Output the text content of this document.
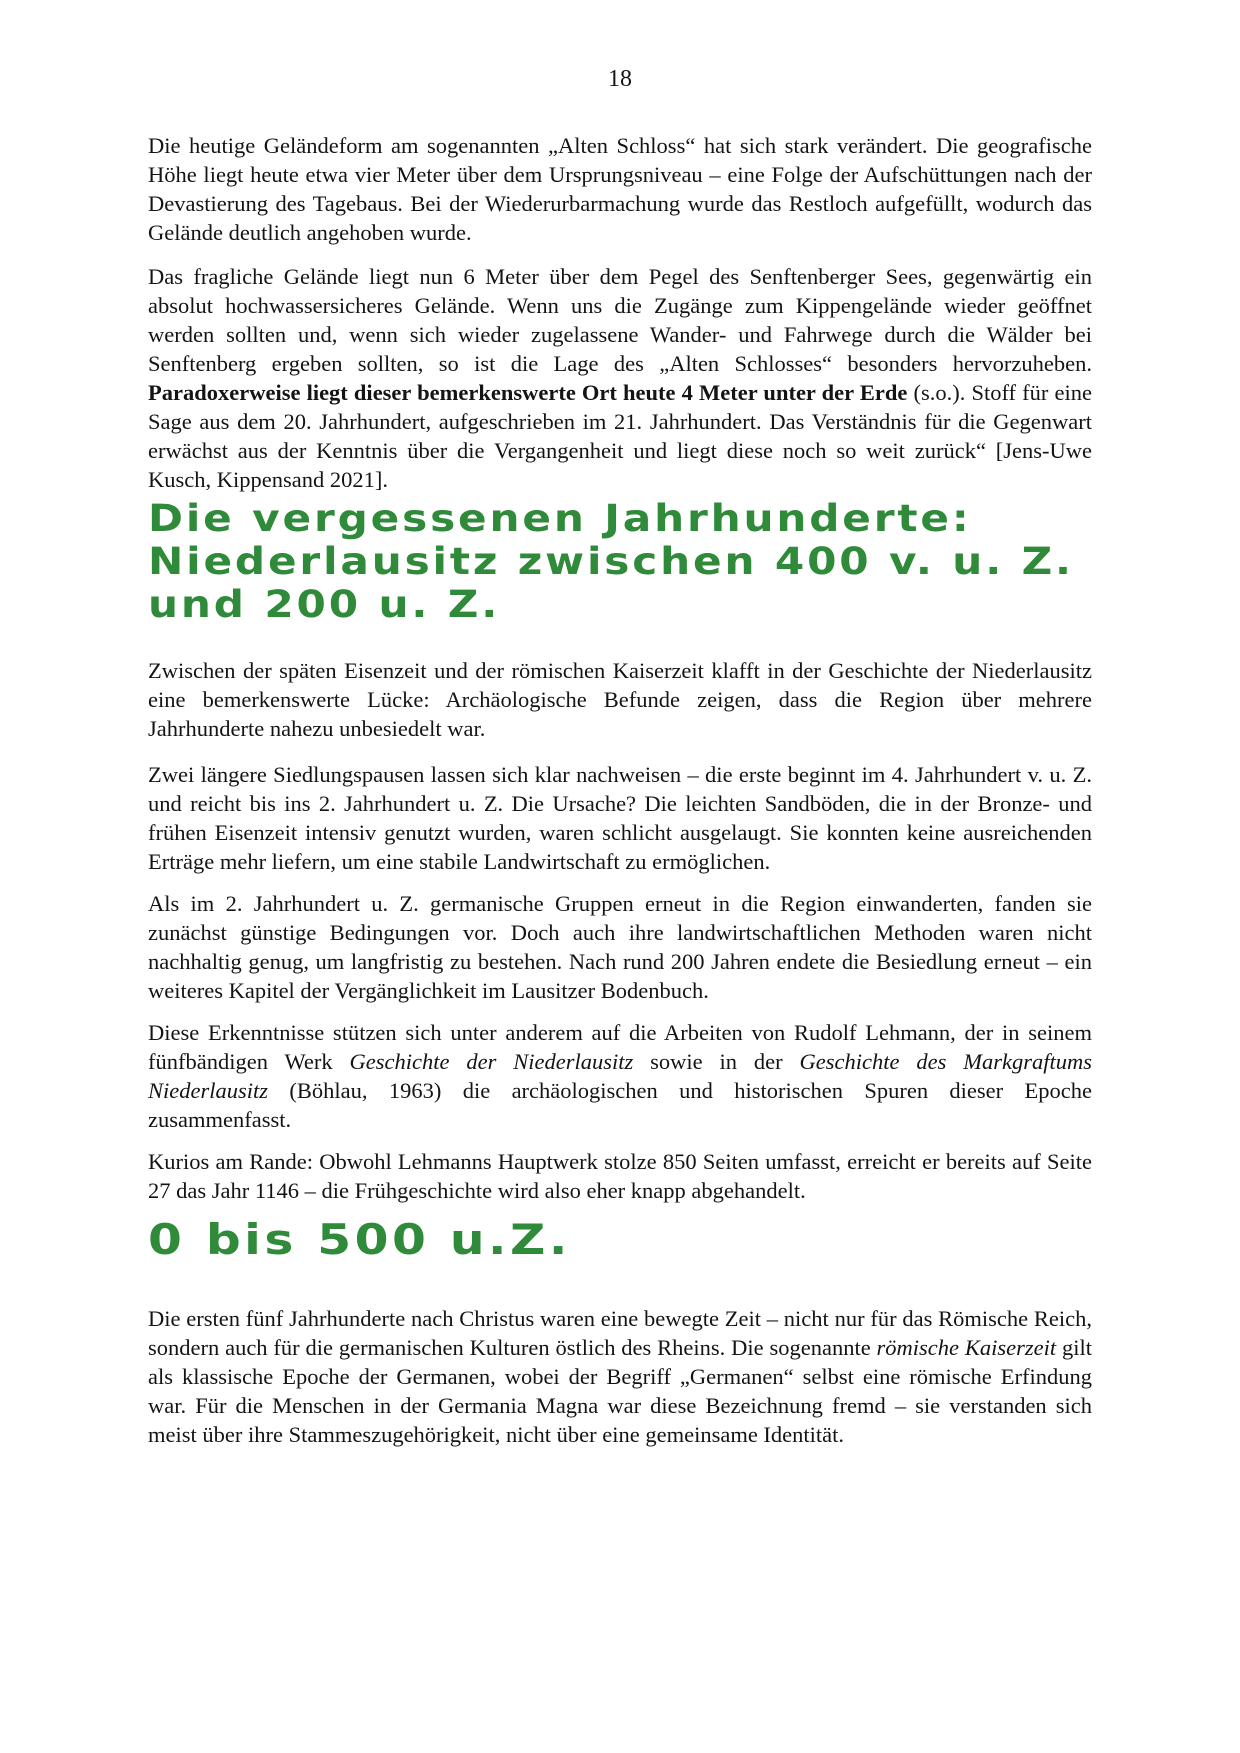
18

Die heutige Geländeform am sogenannten „Alten Schloss“ hat sich stark verändert. Die geografische Höhe liegt heute etwa vier Meter über dem Ursprungsniveau – eine Folge der Aufschüttungen nach der Devastierung des Tagebaus. Bei der Wiederurbarmachung wurde das Restloch aufgefüllt, wodurch das Gelände deutlich angehoben wurde.

Das fragliche Gelände liegt nun 6 Meter über dem Pegel des Senftenberger Sees, gegenwärtig ein absolut hochwassersicheres Gelände. Wenn uns die Zugänge zum Kippengelände wieder geöffnet werden sollten und, wenn sich wieder zugelassene Wander- und Fahrwege durch die Wälder bei Senftenberg ergeben sollten, so ist die Lage des „Alten Schlosses“ besonders hervorzuheben. Paradoxerweise liegt dieser bemerkenswerte Ort heute 4 Meter unter der Erde (s.o.). Stoff für eine Sage aus dem 20. Jahrhundert, aufgeschrieben im 21. Jahrhundert. Das Verständnis für die Gegenwart erwächst aus der Kenntnis über die Vergangenheit und liegt diese noch so weit zurück“ [Jens-Uwe Kusch, Kippensand 2021].

Die vergessenen Jahrhunderte:
Niederlausitz zwischen 400 v. u. Z.
und 200 u. Z.

Zwischen der späten Eisenzeit und der römischen Kaiserzeit klafft in der Geschichte der Niederlausitz eine bemerkenswerte Lücke: Archäologische Befunde zeigen, dass die Region über mehrere Jahrhunderte nahezu unbesiedelt war.

Zwei längere Siedlungspausen lassen sich klar nachweisen – die erste beginnt im 4. Jahrhundert v. u. Z. und reicht bis ins 2. Jahrhundert u. Z. Die Ursache? Die leichten Sandböden, die in der Bronze- und frühen Eisenzeit intensiv genutzt wurden, waren schlicht ausgelaugt. Sie konnten keine ausreichenden Erträge mehr liefern, um eine stabile Landwirtschaft zu ermöglichen.

Als im 2. Jahrhundert u. Z. germanische Gruppen erneut in die Region einwanderten, fanden sie zunächst günstige Bedingungen vor. Doch auch ihre landwirtschaftlichen Methoden waren nicht nachhaltig genug, um langfristig zu bestehen. Nach rund 200 Jahren endete die Besiedlung erneut – ein weiteres Kapitel der Vergänglichkeit im Lausitzer Bodenbuch.

Diese Erkenntnisse stützen sich unter anderem auf die Arbeiten von Rudolf Lehmann, der in seinem fünfbändigen Werk Geschichte der Niederlausitz sowie in der Geschichte des Markgraftums Niederlausitz (Böhlau, 1963) die archäologischen und historischen Spuren dieser Epoche zusammenfasst.

Kurios am Rande: Obwohl Lehmanns Hauptwerk stolze 850 Seiten umfasst, erreicht er bereits auf Seite 27 das Jahr 1146 – die Frühgeschichte wird also eher knapp abgehandelt.

0 bis 500 u.Z.

Die ersten fünf Jahrhunderte nach Christus waren eine bewegte Zeit – nicht nur für das Römische Reich, sondern auch für die germanischen Kulturen östlich des Rheins. Die sogenannte römische Kaiserzeit gilt als klassische Epoche der Germanen, wobei der Begriff „Germanen“ selbst eine römische Erfindung war. Für die Menschen in der Germania Magna war diese Bezeichnung fremd – sie verstanden sich meist über ihre Stammeszugehörigkeit, nicht über eine gemeinsame Identität.
